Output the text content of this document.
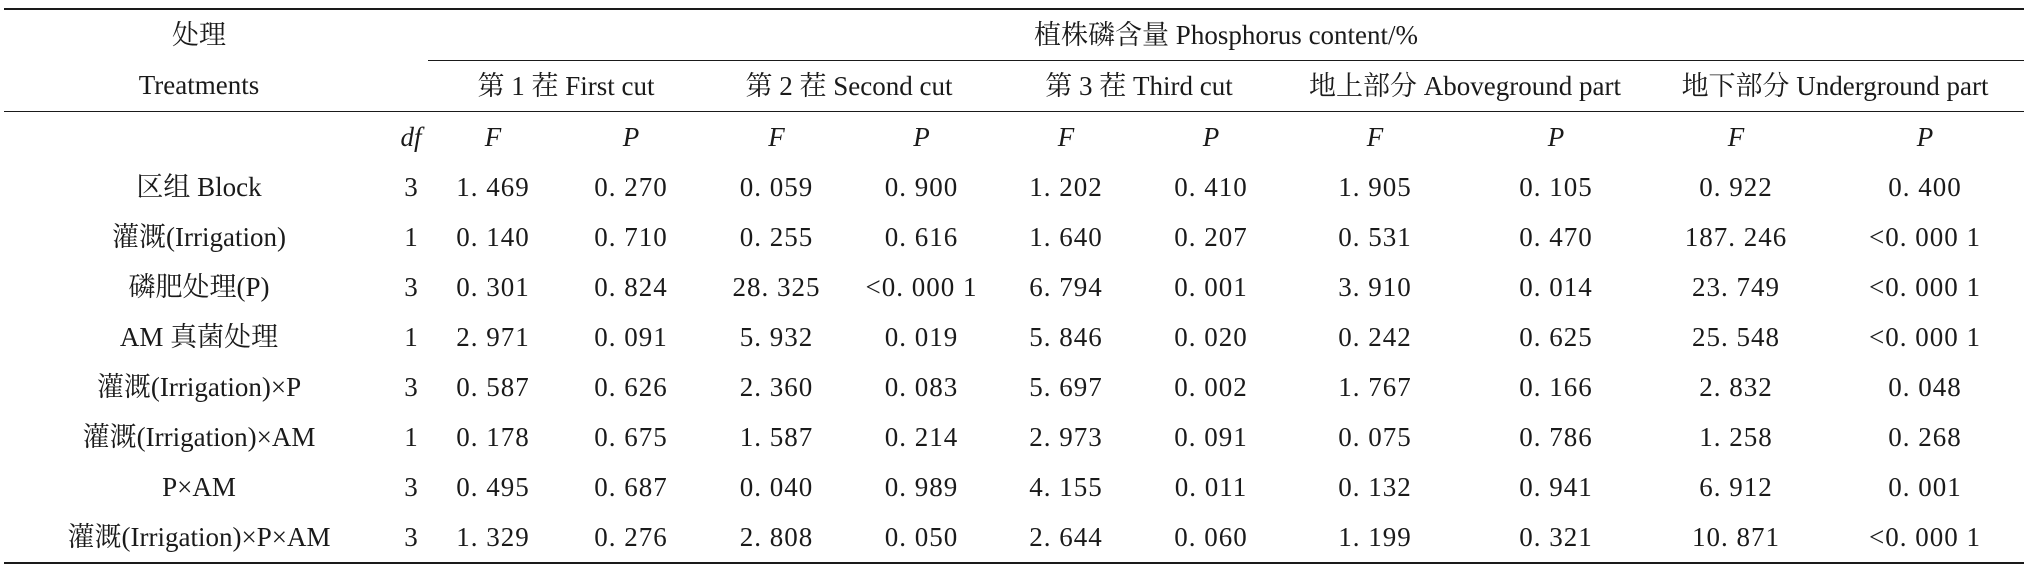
处理		植株磷含量 Phosphorus content/%									
Treatments		第 1 茬 First cut		第 2 茬 Second cut		第 3 茬 Third cut		地上部分 Aboveground part		地下部分 Underground part	
	df	F	P	F	P	F	P	F	P	F	P
区组 Block	3	1. 469	0. 270	0. 059	0. 900	1. 202	0. 410	1. 905	0. 105	0. 922	0. 400
灌溉(Irrigation)	1	0. 140	0. 710	0. 255	0. 616	1. 640	0. 207	0. 531	0. 470	187. 246	<0. 000 1
磷肥处理(P)	3	0. 301	0. 824	28. 325	<0. 000 1	6. 794	0. 001	3. 910	0. 014	23. 749	<0. 000 1
AM 真菌处理	1	2. 971	0. 091	5. 932	0. 019	5. 846	0. 020	0. 242	0. 625	25. 548	<0. 000 1
灌溉(Irrigation)×P	3	0. 587	0. 626	2. 360	0. 083	5. 697	0. 002	1. 767	0. 166	2. 832	0. 048
灌溉(Irrigation)×AM	1	0. 178	0. 675	1. 587	0. 214	2. 973	0. 091	0. 075	0. 786	1. 258	0. 268
P×AM	3	0. 495	0. 687	0. 040	0. 989	4. 155	0. 011	0. 132	0. 941	6. 912	0. 001
灌溉(Irrigation)×P×AM	3	1. 329	0. 276	2. 808	0. 050	2. 644	0. 060	1. 199	0. 321	10. 871	<0. 000 1
